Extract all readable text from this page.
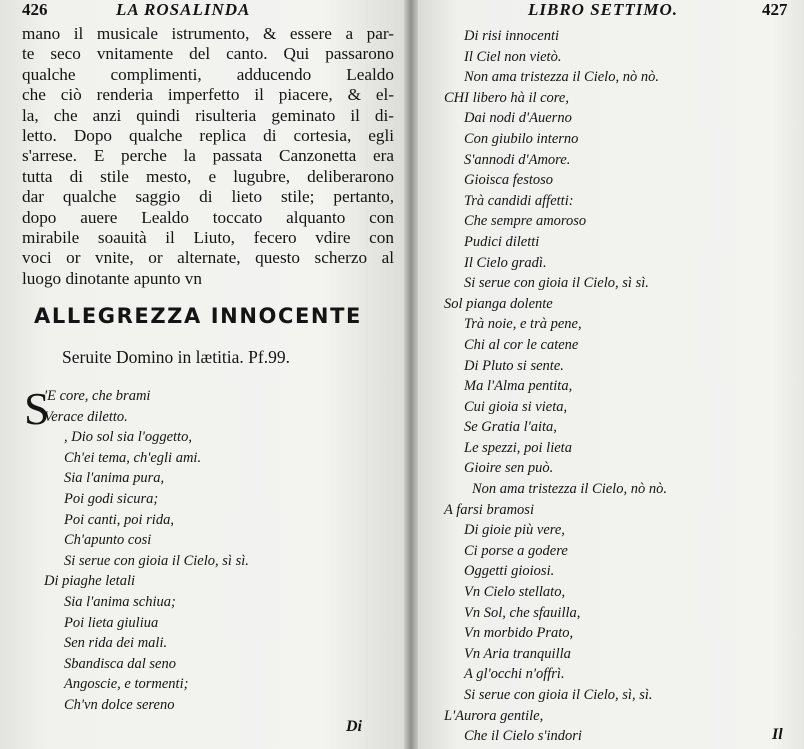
426	LA ROSALINDA
mano il musicale istrumento, & essere a par-
te seco vnitamente del canto. Qui passarono
qualche complimenti, adducendo Lealdo
che ciò renderia imperfetto il piacere, & el-
la, che anzi quindi risulteria geminato il di-
letto. Dopo qualche replica di cortesia, egli
s'arrese. E perche la passata Canzonetta era
tutta di stile mesto, e lugubre, deliberarono
dar qualche saggio di lieto stile; pertanto,
dopo auere Lealdo toccato alquanto con
mirabile soauità il Liuto, fecero vdire con
voci or vnite, or alternate, questo scherzo al
luogo dinotante apunto vn
ALLEGREZZA INNOCENTE
Seruite Domino in lætitia. Pf.99.
S
'E core, che brami
Verace diletto.
, Dio sol sia l'oggetto,
Ch'ei tema, ch'egli ami.
Sia l'anima pura,
Poi godi sicura;
Poi canti, poi rida,
Ch'apunto cosi
Si serue con gioia il Cielo, sì sì.
Di piaghe letali
Sia l'anima schiua;
Poi lieta giuliua
Sen rida dei mali.
Sbandisca dal seno
Angoscie, e tormenti;
Ch'vn dolce sereno
Di
LIBRO SETTIMO.	427
Di risi innocenti
Il Ciel non vietò.
Non ama tristezza il Cielo, nò nò.
CHI libero hà il core,
Dai nodi d'Auerno
Con giubilo interno
S'annodi d'Amore.
Gioisca festoso
Trà candidi affetti:
Che sempre amoroso
Pudici diletti
Il Cielo gradì.
Si serue con gioia il Cielo, sì sì.
Sol pianga dolente
Trà noie, e trà pene,
Chi al cor le catene
Di Pluto si sente.
Ma l'Alma pentita,
Cui gioia si vieta,
Se Gratia l'aita,
Le spezzi, poi lieta
Gioire sen può.
Non ama tristezza il Cielo, nò nò.
A farsi bramosi
Di gioie più vere,
Ci porse a godere
Oggetti gioiosi.
Vn Cielo stellato,
Vn Sol, che sfauilla,
Vn morbido Prato,
Vn Aria tranquilla
A gl'occhi n'offrì.
Si serue con gioia il Cielo, sì, sì.
L'Aurora gentile,
Che il Cielo s'indori	Il
